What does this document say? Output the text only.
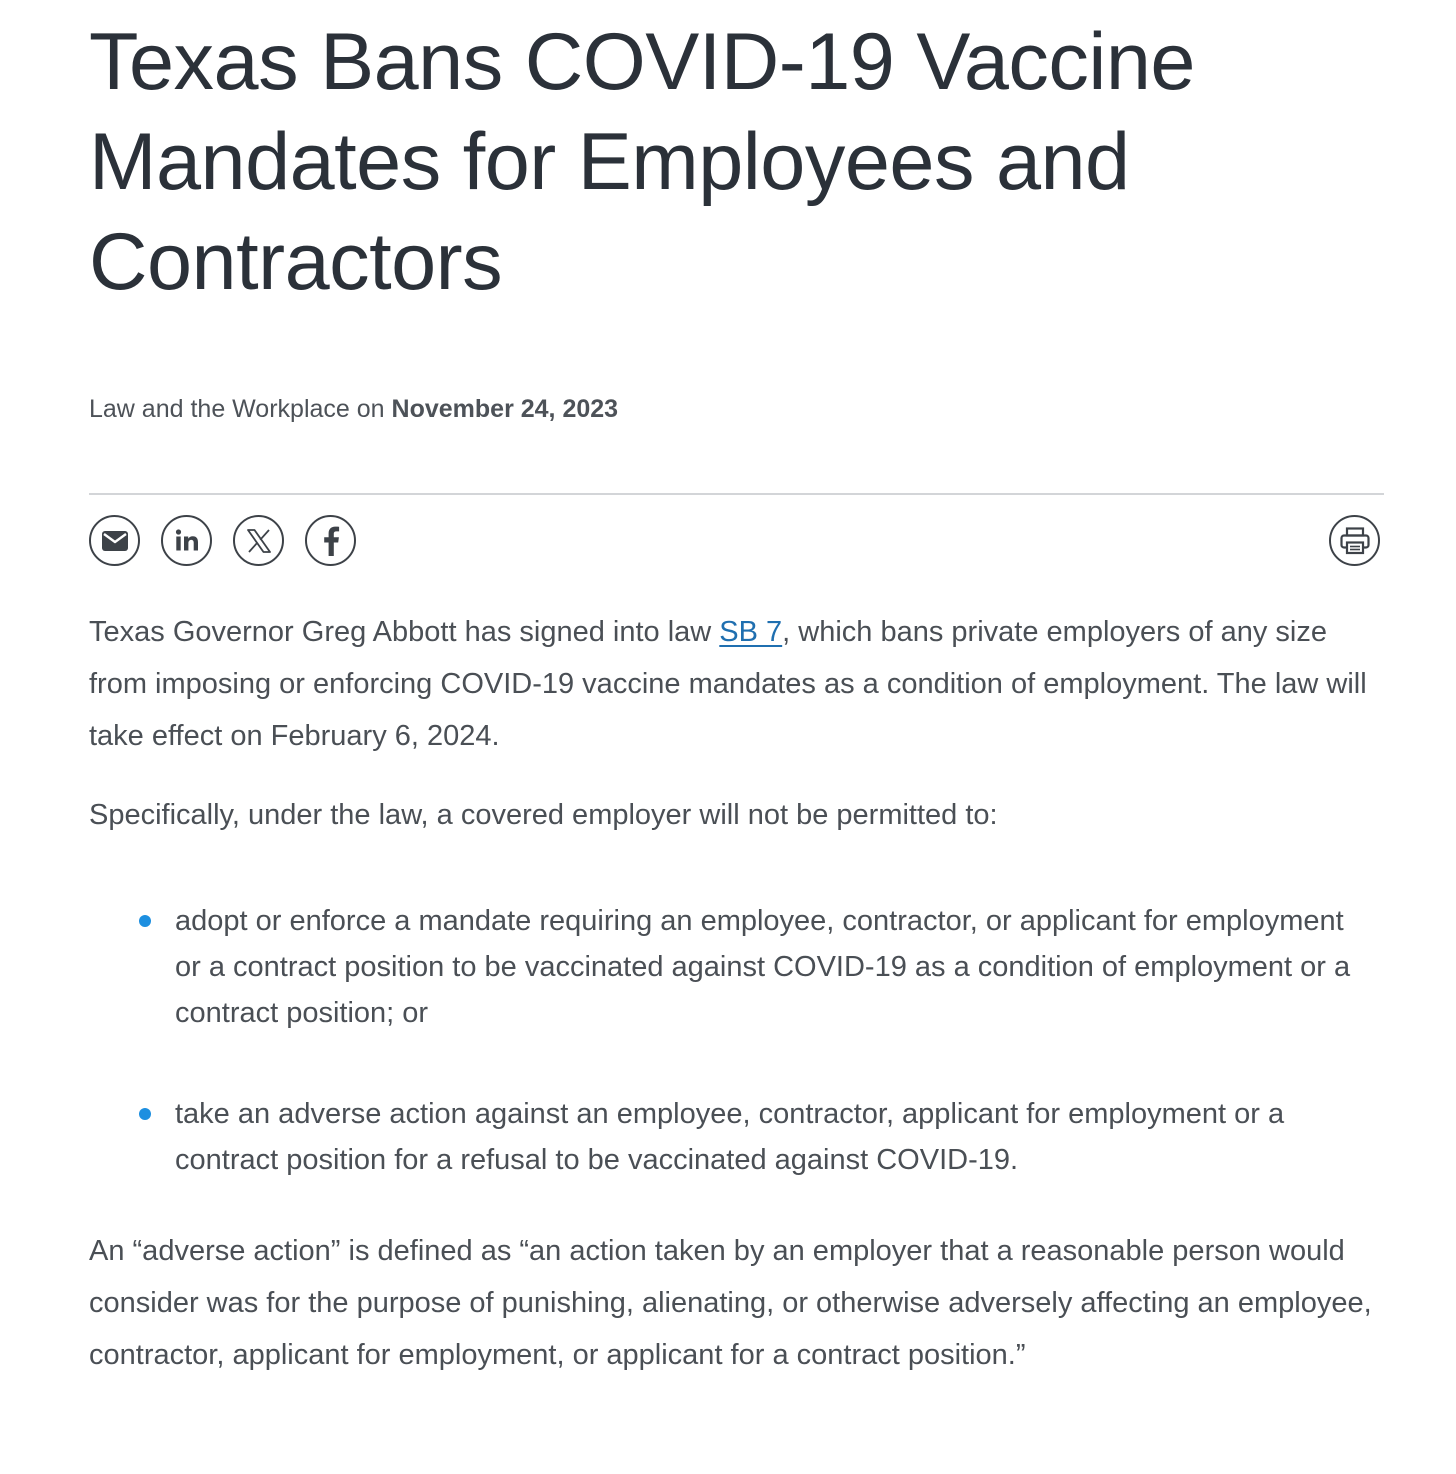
Texas Bans COVID-19 Vaccine Mandates for Employees and Contractors
Law and the Workplace on November 24, 2023

Texas Governor Greg Abbott has signed into law SB 7, which bans private employers of any size from imposing or enforcing COVID-19 vaccine mandates as a condition of employment. The law will take effect on February 6, 2024.

Specifically, under the law, a covered employer will not be permitted to:

adopt or enforce a mandate requiring an employee, contractor, or applicant for employment or a contract position to be vaccinated against COVID-19 as a condition of employment or a contract position; or
take an adverse action against an employee, contractor, applicant for employment or a contract position for a refusal to be vaccinated against COVID-19.

An “adverse action” is defined as “an action taken by an employer that a reasonable person would consider was for the purpose of punishing, alienating, or otherwise adversely affecting an employee, contractor, applicant for employment, or applicant for a contract position.”
